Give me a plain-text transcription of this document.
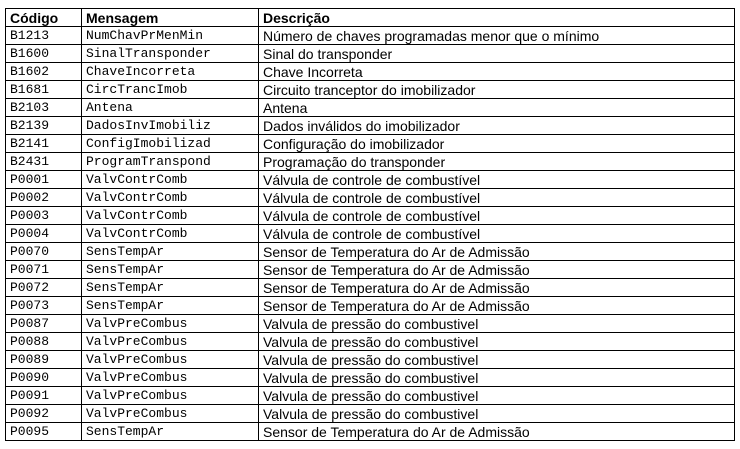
Código	Mensagem	Descrição
B1213	NumChavPrMenMin	Número de chaves programadas menor que o mínimo
B1600	SinalTransponder	Sinal do transponder
B1602	ChaveIncorreta	Chave Incorreta
B1681	CircTrancImob	Circuito tranceptor do imobilizador
B2103	Antena	Antena
B2139	DadosInvImobiliz	Dados inválidos do imobilizador
B2141	ConfigImobilizad	Configuração do imobilizador
B2431	ProgramTranspond	Programação do transponder
P0001	ValvContrComb	Válvula de controle de combustível
P0002	ValvContrComb	Válvula de controle de combustível
P0003	ValvContrComb	Válvula de controle de combustível
P0004	ValvContrComb	Válvula de controle de combustível
P0070	SensTempAr	Sensor de Temperatura do Ar de Admissão
P0071	SensTempAr	Sensor de Temperatura do Ar de Admissão
P0072	SensTempAr	Sensor de Temperatura do Ar de Admissão
P0073	SensTempAr	Sensor de Temperatura do Ar de Admissão
P0087	ValvPreCombus	Valvula de pressão do combustivel
P0088	ValvPreCombus	Valvula de pressão do combustivel
P0089	ValvPreCombus	Valvula de pressão do combustivel
P0090	ValvPreCombus	Valvula de pressão do combustivel
P0091	ValvPreCombus	Valvula de pressão do combustivel
P0092	ValvPreCombus	Valvula de pressão do combustivel
P0095	SensTempAr	Sensor de Temperatura do Ar de Admissão
